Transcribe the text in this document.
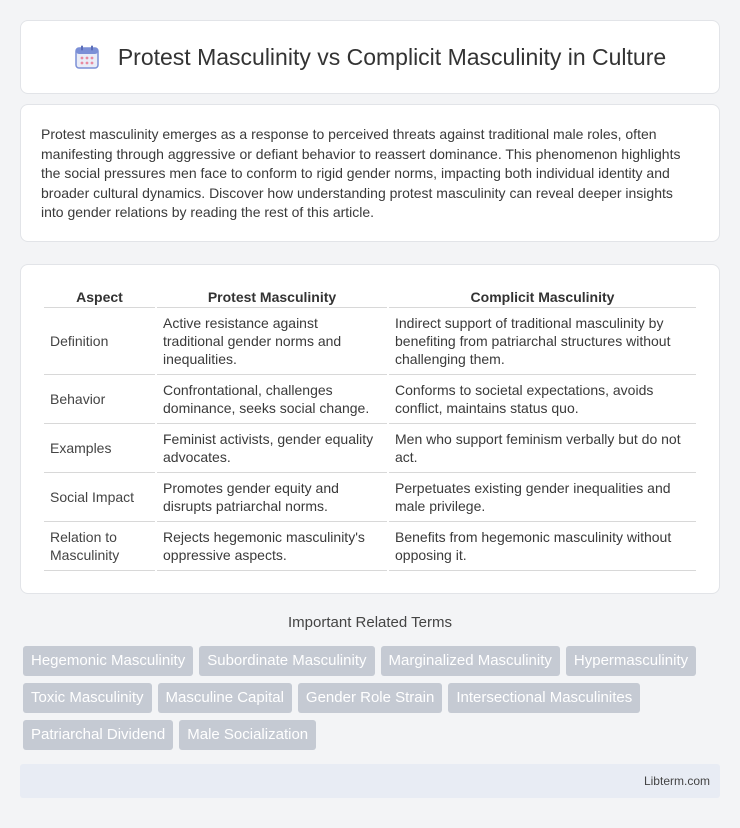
Protest Masculinity vs Complicit Masculinity in Culture

Protest masculinity emerges as a response to perceived threats against traditional male roles, often manifesting through aggressive or defiant behavior to reassert dominance. This phenomenon highlights the social pressures men face to conform to rigid gender norms, impacting both individual identity and broader cultural dynamics. Discover how understanding protest masculinity can reveal deeper insights into gender relations by reading the rest of this article.

Aspect	Protest Masculinity	Complicit Masculinity
Definition	Active resistance against traditional gender norms and inequalities.	Indirect support of traditional masculinity by benefiting from patriarchal structures without challenging them.
Behavior	Confrontational, challenges dominance, seeks social change.	Conforms to societal expectations, avoids conflict, maintains status quo.
Examples	Feminist activists, gender equality advocates.	Men who support feminism verbally but do not act.
Social Impact	Promotes gender equity and disrupts patriarchal norms.	Perpetuates existing gender inequalities and male privilege.
Relation to Masculinity	Rejects hegemonic masculinity's oppressive aspects.	Benefits from hegemonic masculinity without opposing it.
Important Related Terms
Hegemonic Masculinity	Subordinate Masculinity	Marginalized Masculinity	Hypermasculinity
Toxic Masculinity	Masculine Capital	Gender Role Strain	Intersectional Masculinites
Patriarchal Dividend	Male Socialization
Libterm.com
